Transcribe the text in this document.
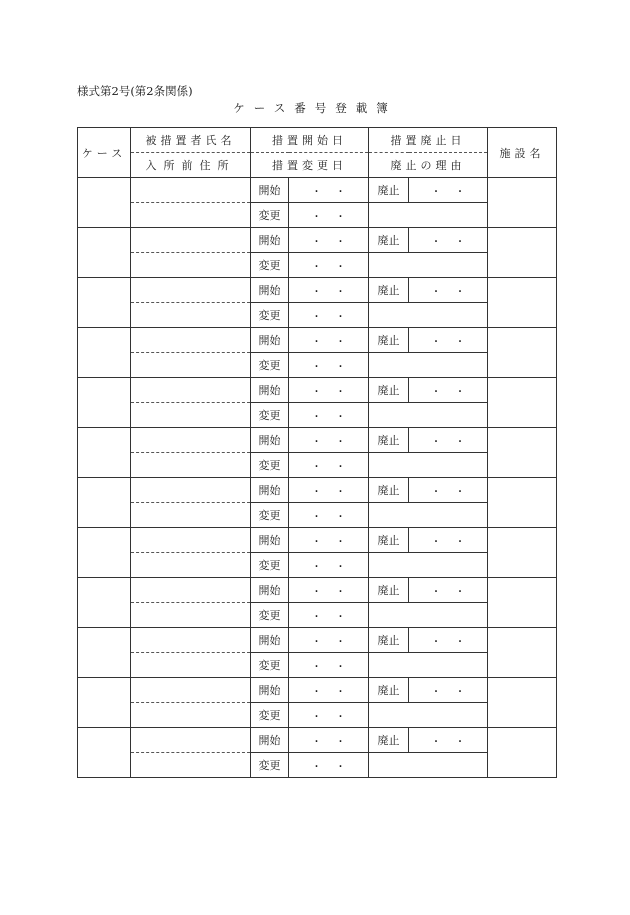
様式第2号(第2条関係)
ケース番号登載簿
ケース	被措置者氏名	措置開始日		措置廃止日		施設名
	入所前住所	措置変更日		廃止の理由		
		開始	・ ・	廃止	・ ・	
		変更	・ ・			
		開始	・ ・	廃止	・ ・	
		変更	・ ・			
		開始	・ ・	廃止	・ ・	
		変更	・ ・			
		開始	・ ・	廃止	・ ・	
		変更	・ ・			
		開始	・ ・	廃止	・ ・	
		変更	・ ・			
		開始	・ ・	廃止	・ ・	
		変更	・ ・			
		開始	・ ・	廃止	・ ・	
		変更	・ ・			
		開始	・ ・	廃止	・ ・	
		変更	・ ・			
		開始	・ ・	廃止	・ ・	
		変更	・ ・			
		開始	・ ・	廃止	・ ・	
		変更	・ ・			
		開始	・ ・	廃止	・ ・	
		変更	・ ・			
		開始	・ ・	廃止	・ ・	
		変更	・ ・			
